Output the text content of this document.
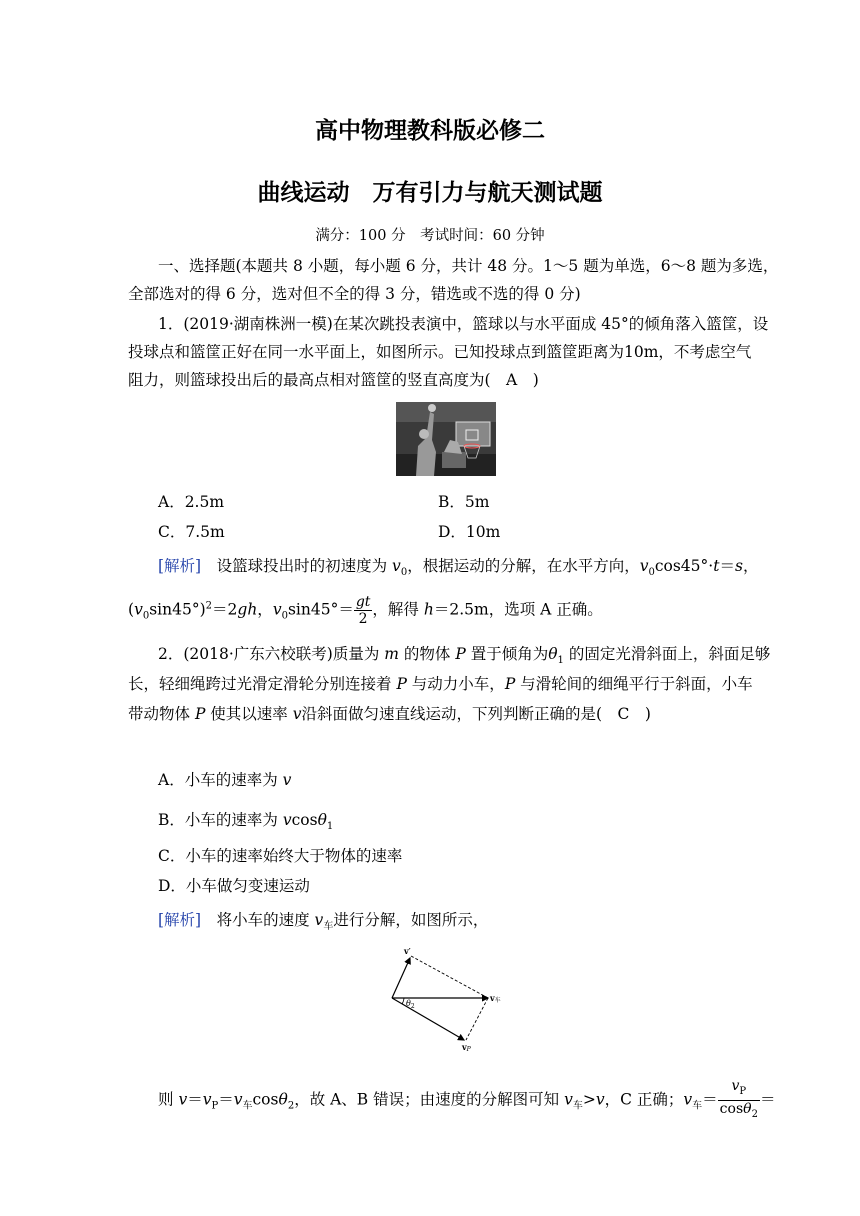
高中物理教科版必修二
曲线运动　万有引力与航天测试题
满分：100 分　考试时间：60 分钟
一、选择题(本题共 8 小题，每小题 6 分，共计 48 分。1～5 题为单选，6～8 题为多选，
全部选对的得 6 分，选对但不全的得 3 分，错选或不选的得 0 分)
1．(2019·湖南株洲一模)在某次跳投表演中，篮球以与水平面成 45°的倾角落入篮筐，设
投球点和篮筐正好在同一水平面上，如图所示。已知投球点到篮筐距离为10m，不考虑空气
阻力，则篮球投出后的最高点相对篮筐的竖直高度为(　A　)
A．2.5m	B．5m
C．7.5m	D．10m
[解析]　设篮球投出时的初速度为 $v_0$，根据运动的分解，在水平方向，$v_0\cos 45^\circ\cdot t=s$，
$(v_0\sin 45^\circ)^2=2gh$，$v_0\sin 45^\circ= \frac{gt}{2}$ ，解得 h＝2.5m，选项 A 正确。
2．(2018·广东六校联考)质量为 m 的物体 P 置于倾角为$\theta_1$ 的固定光滑斜面上，斜面足够
长，轻细绳跨过光滑定滑轮分别连接着 P 与动力小车，P 与滑轮间的细绳平行于斜面，小车
带动物体 P 使其以速率 v沿斜面做匀速直线运动，下列判断正确的是(　C　)
A．小车的速率为 v
B．小车的速率为 vcosθ$_1$
C．小车的速率始终大于物体的速率
D．小车做匀变速运动
[解析]　将小车的速度 $v_车$进行分解，如图所示，
$\theta_2$
v′
v车
vP
则 $v=v_P=v_车\cos\theta_2$，故 A、B 错误；由速度的分解图可知 $v_车>v$，C 正确；$v_车= \frac{v_P}{\cos\theta_2}$ ＝
